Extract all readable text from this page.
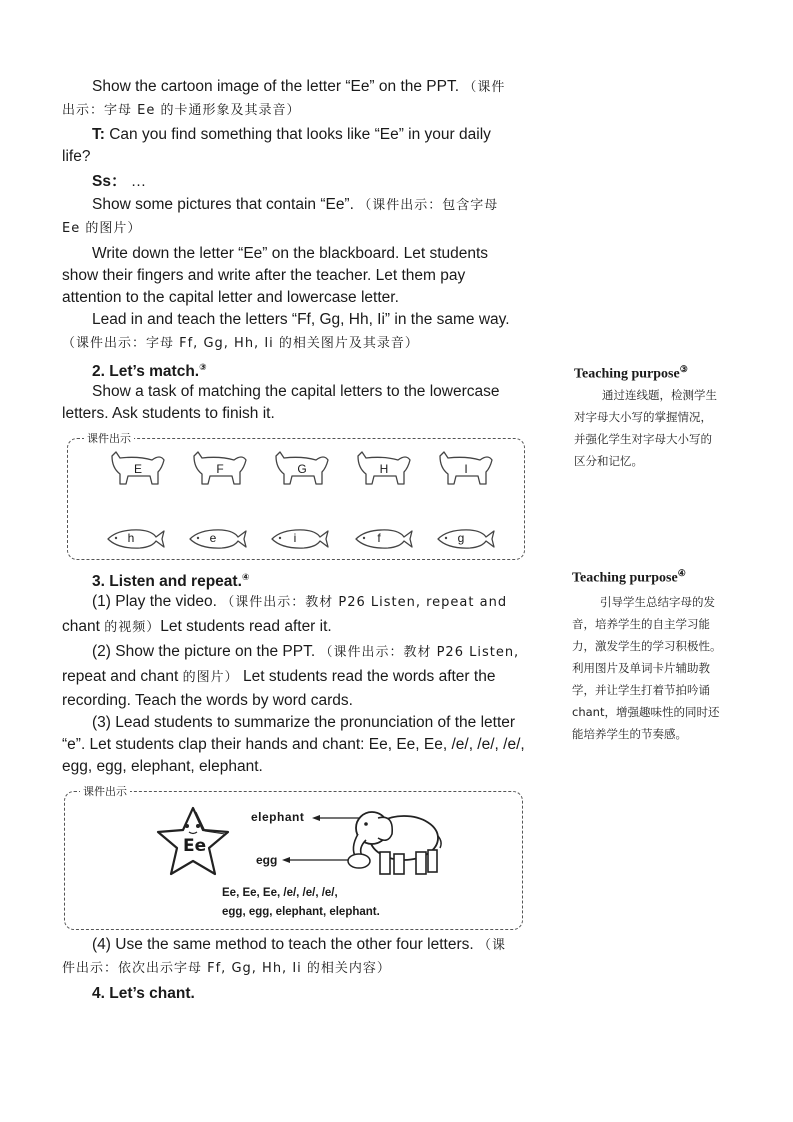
Show the cartoon image of the letter “Ee” on the PPT. （课件
出示：字母 Ee 的卡通形象及其录音）
T: Can you find something that looks like “Ee” in your daily
life?
Ss： …
Show some pictures that contain “Ee”. （课件出示：包含字母
Ee 的图片）
Write down the letter “Ee” on the blackboard. Let students
show their fingers and write after the teacher. Let them pay
attention to the capital letter and lowercase letter.
Lead in and teach the letters “Ff, Gg, Hh, Ii” in the same way.
（课件出示：字母 Ff, Gg, Hh, Ii 的相关图片及其录音）
2. Let’s match.③
Show a task of matching the capital letters to the lowercase
letters. Ask students to finish it.
课件出示
E	F	G	H	I
h	e	i	f	g
Teaching purpose③
通过连线题，检测学生
对字母大小写的掌握情况，
并强化学生对字母大小写的
区分和记忆。
3. Listen and repeat.④
(1) Play the video. （课件出示：教材 P26 Listen, repeat and
chant 的视频）Let students read after it.
(2) Show the picture on the PPT. （课件出示：教材 P26 Listen,
repeat and chant 的图片） Let students read the words after the
recording. Teach the words by word cards.
(3) Lead students to summarize the pronunciation of the letter
“e”. Let students clap their hands and chant: Ee, Ee, Ee, /e/, /e/, /e/,
egg, egg, elephant, elephant.
课件出示
Ee
elephant
egg
Ee, Ee, Ee, /e/, /e/, /e/,
egg, egg, elephant, elephant.
(4) Use the same method to teach the other four letters. （课
件出示：依次出示字母 Ff, Gg, Hh, Ii 的相关内容）
4. Let’s chant.
Teaching purpose④
引导学生总结字母的发
音，培养学生的自主学习能
力，激发学生的学习积极性。
利用图片及单词卡片辅助教
学，并让学生打着节拍吟诵
chant，增强趣味性的同时还
能培养学生的节奏感。
